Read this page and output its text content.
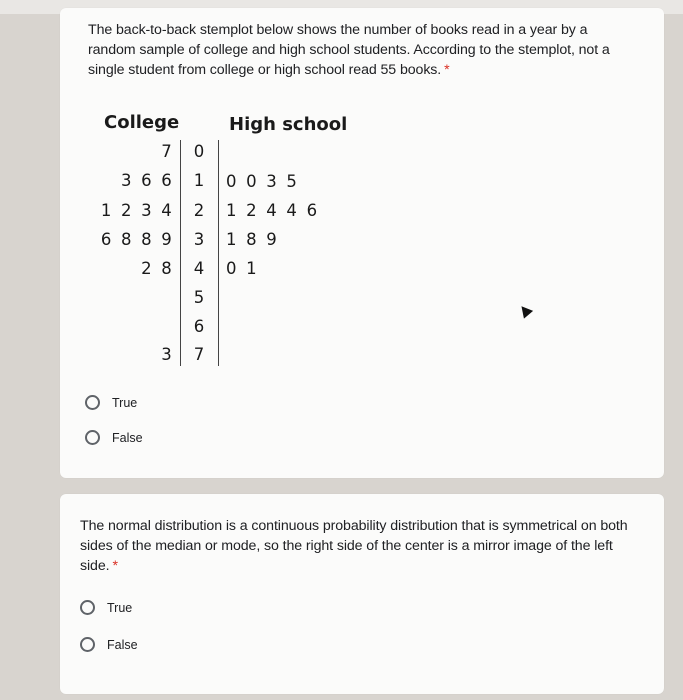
The back-to-back stemplot below shows the number of books read in a year by a random sample of college and high school students. According to the stemplot, not a single student from college or high school read 55 books. *
College	High school
7 0
3 6 6 1 0 0 3 5
1 2 3 4 2 1 2 4 4 6
6 8 8 9 3 1 8 9
2 8 4 0 1
5
6
3 7
True
False
The normal distribution is a continuous probability distribution that is symmetrical on both sides of the median or mode, so the right side of the center is a mirror image of the left side. *
True
False
